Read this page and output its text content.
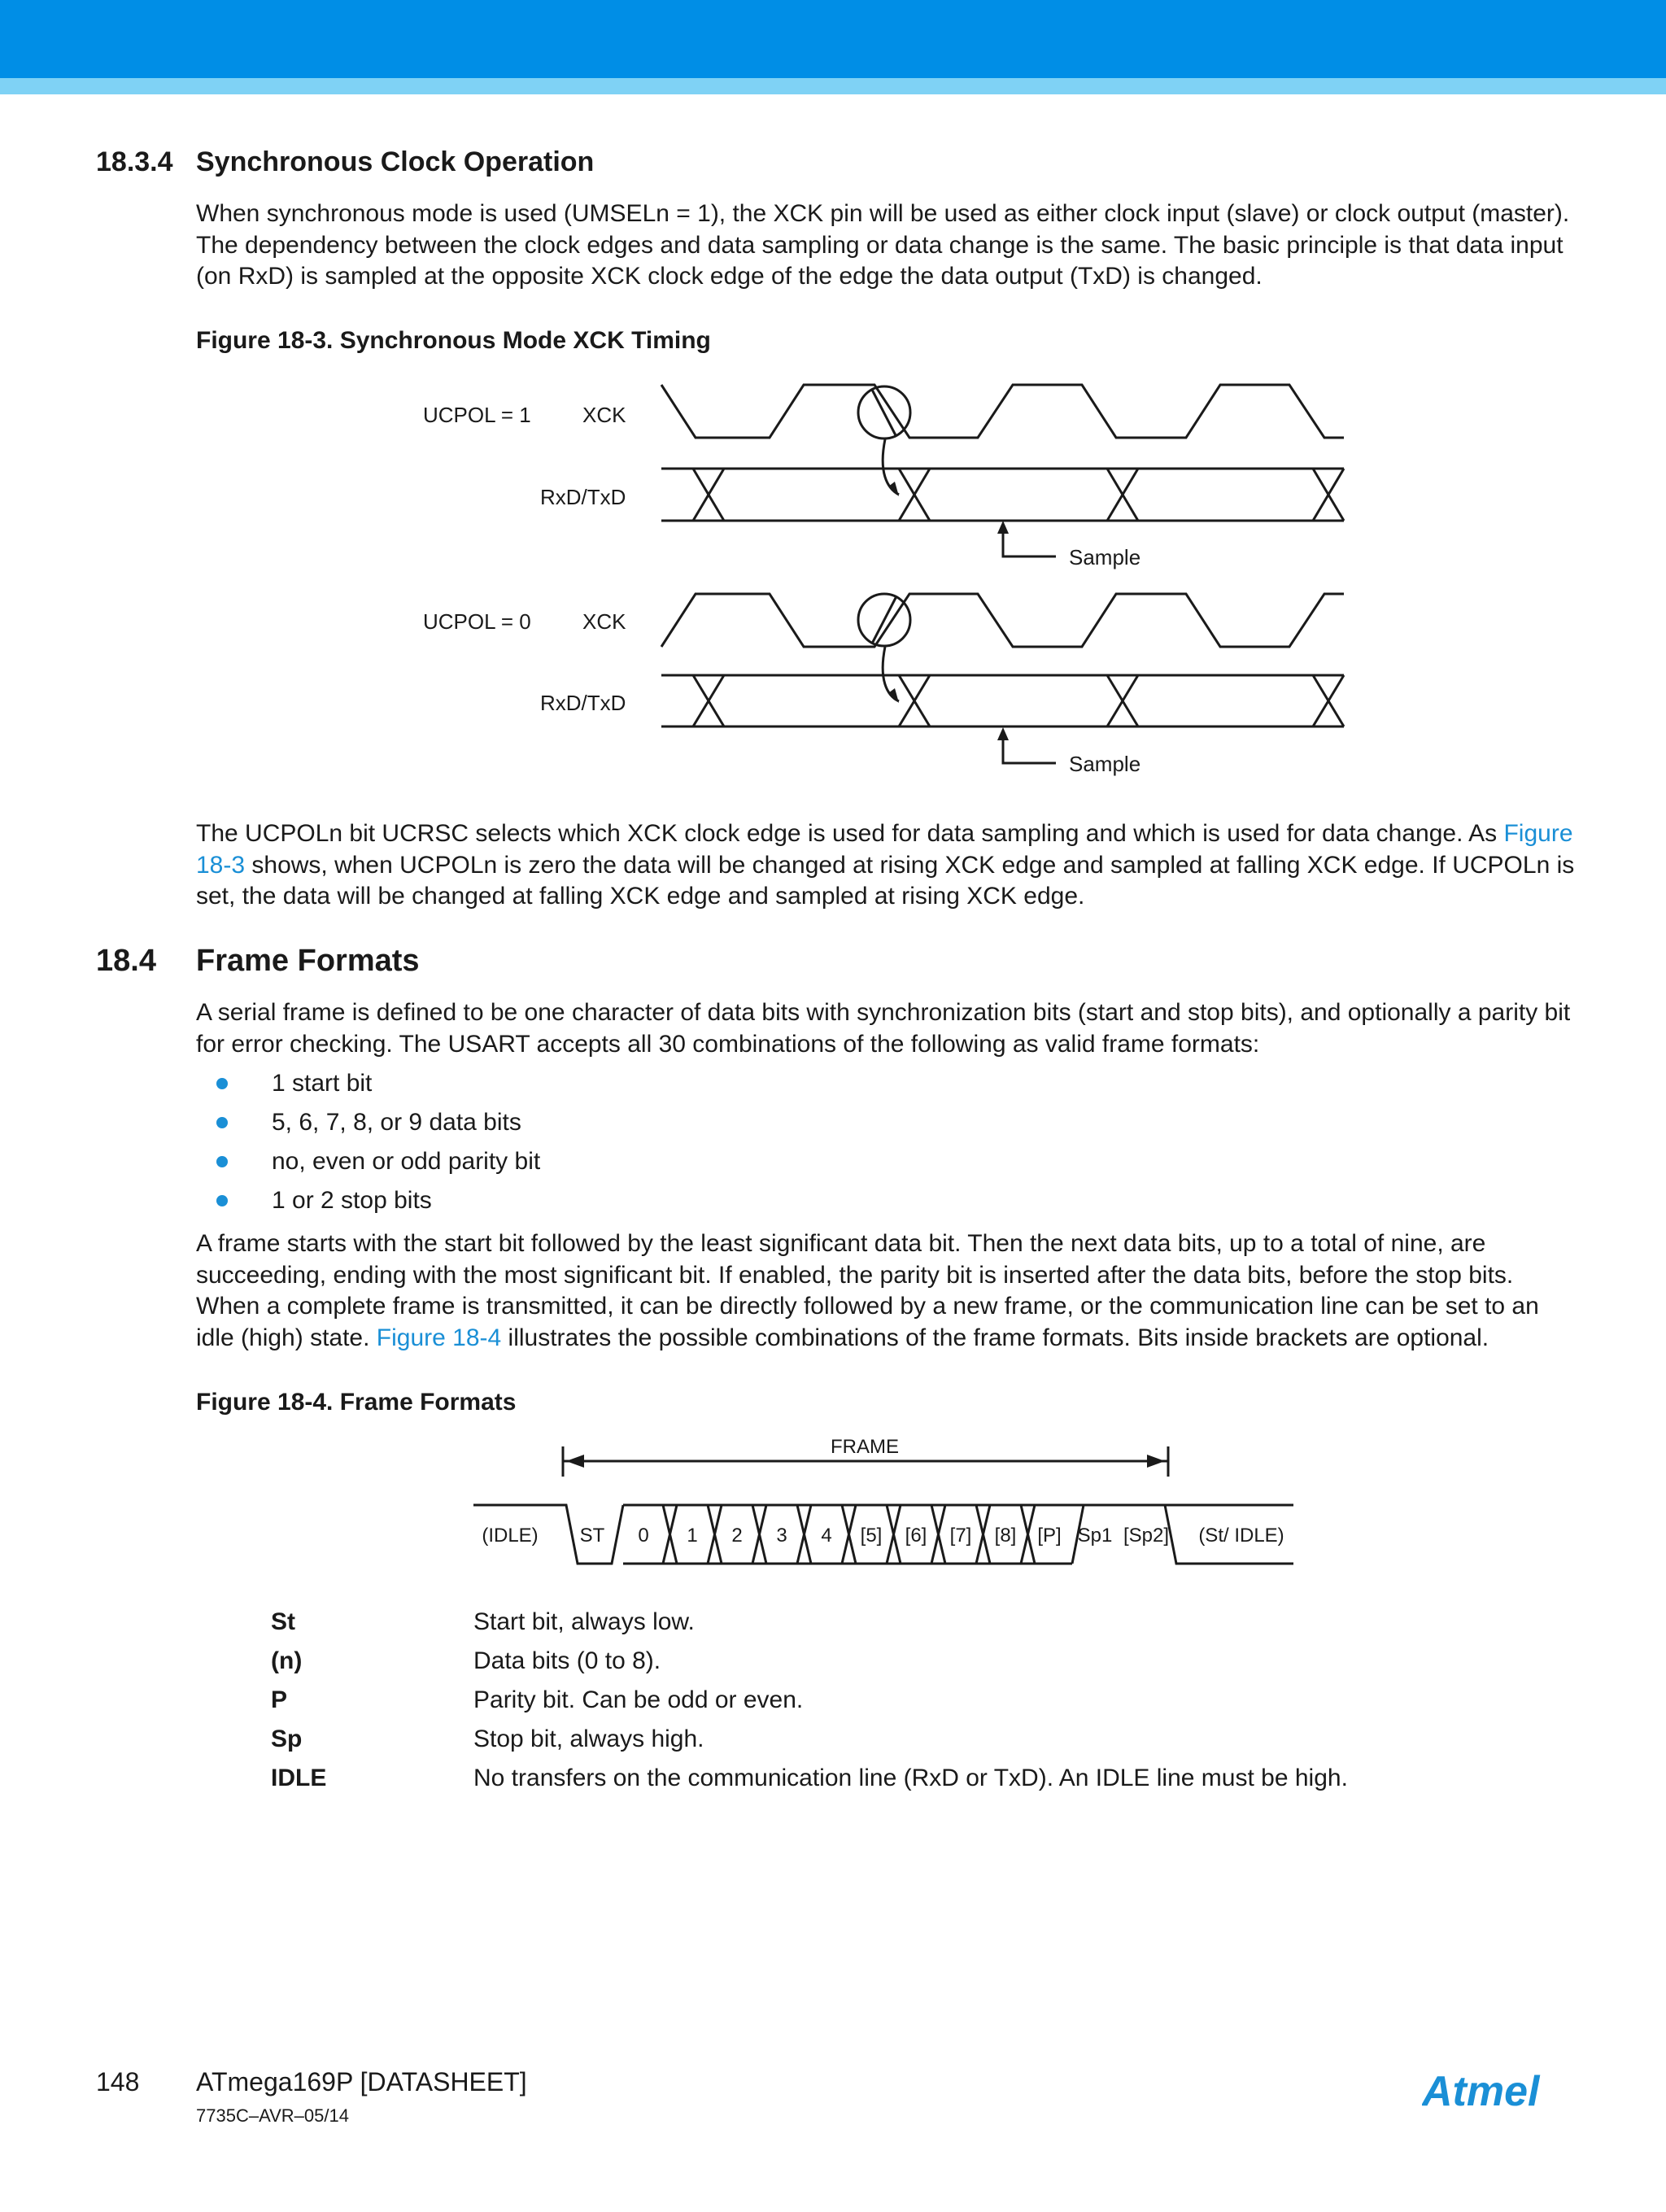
18.3.4 Synchronous Clock Operation

When synchronous mode is used (UMSELn = 1), the XCK pin will be used as either clock input (slave) or clock output (master). The dependency between the clock edges and data sampling or data change is the same. The basic principle is that data input (on RxD) is sampled at the opposite XCK clock edge of the edge the data output (TxD) is changed.

Figure 18-3. Synchronous Mode XCK Timing
UCPOL = 1 XCK
RxD/TxD
Sample
UCPOL = 0 XCK
RxD/TxD
Sample
FRAME
(IDLE) ST 0 1 2 3 4 [5] [6] [7] [8] [P] Sp1 [Sp2] (St/ IDLE)

The UCPOLn bit UCRSC selects which XCK clock edge is used for data sampling and which is used for data change. As Figure 18-3 shows, when UCPOLn is zero the data will be changed at rising XCK edge and sampled at falling XCK edge. If UCPOLn is set, the data will be changed at falling XCK edge and sampled at rising XCK edge.

18.4 Frame Formats

A serial frame is defined to be one character of data bits with synchronization bits (start and stop bits), and optionally a parity bit for error checking. The USART accepts all 30 combinations of the following as valid frame formats:

1 start bit
5, 6, 7, 8, or 9 data bits
no, even or odd parity bit
1 or 2 stop bits

A frame starts with the start bit followed by the least significant data bit. Then the next data bits, up to a total of nine, are succeeding, ending with the most significant bit. If enabled, the parity bit is inserted after the data bits, before the stop bits. When a complete frame is transmitted, it can be directly followed by a new frame, or the communication line can be set to an idle (high) state. Figure 18-4 illustrates the possible combinations of the frame formats. Bits inside brackets are optional.

Figure 18-4. Frame Formats
St	Start bit, always low.
(n)	Data bits (0 to 8).
P	Parity bit. Can be odd or even.
Sp	Stop bit, always high.
IDLE	No transfers on the communication line (RxD or TxD). An IDLE line must be high.
148 ATmega169P [DATASHEET]
7735C–AVR–05/14
Atmel
